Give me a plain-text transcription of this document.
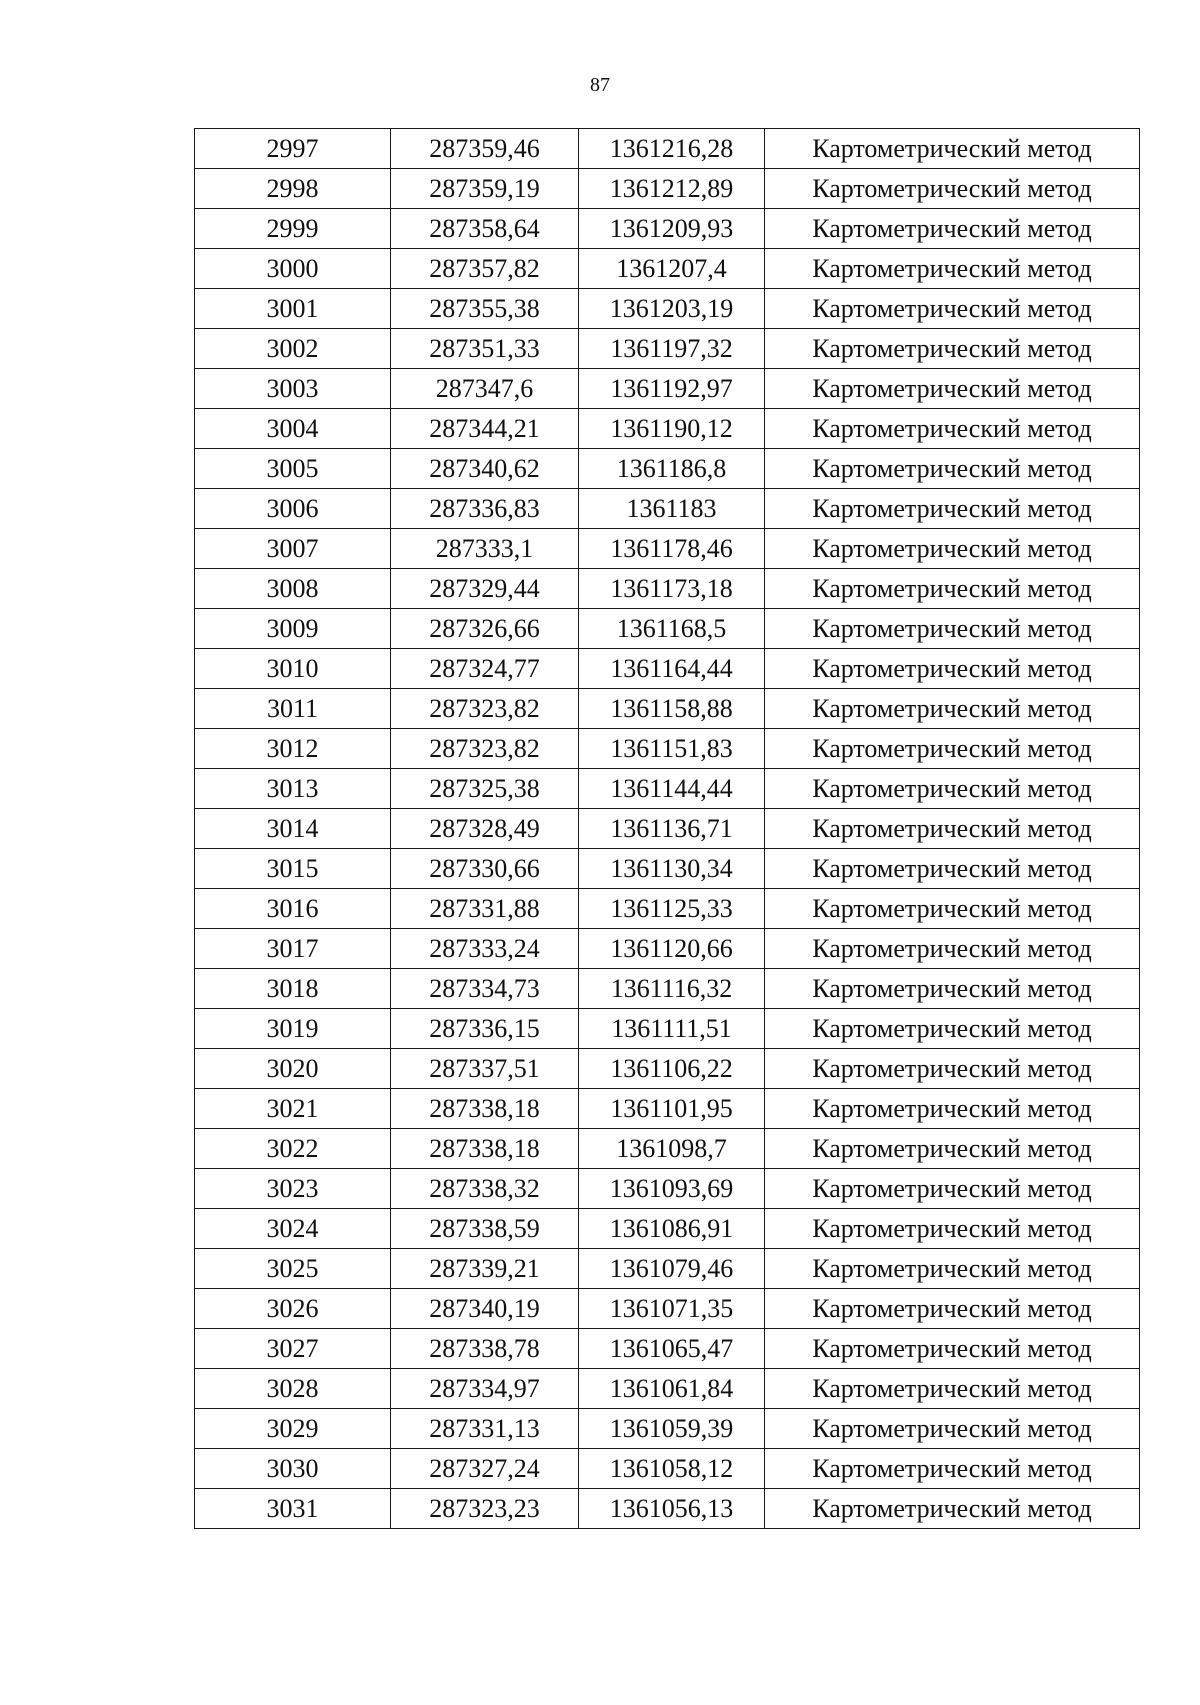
87
2997	287359,46	1361216,28	Картометрический метод
2998	287359,19	1361212,89	Картометрический метод
2999	287358,64	1361209,93	Картометрический метод
3000	287357,82	1361207,4	Картометрический метод
3001	287355,38	1361203,19	Картометрический метод
3002	287351,33	1361197,32	Картометрический метод
3003	287347,6	1361192,97	Картометрический метод
3004	287344,21	1361190,12	Картометрический метод
3005	287340,62	1361186,8	Картометрический метод
3006	287336,83	1361183	Картометрический метод
3007	287333,1	1361178,46	Картометрический метод
3008	287329,44	1361173,18	Картометрический метод
3009	287326,66	1361168,5	Картометрический метод
3010	287324,77	1361164,44	Картометрический метод
3011	287323,82	1361158,88	Картометрический метод
3012	287323,82	1361151,83	Картометрический метод
3013	287325,38	1361144,44	Картометрический метод
3014	287328,49	1361136,71	Картометрический метод
3015	287330,66	1361130,34	Картометрический метод
3016	287331,88	1361125,33	Картометрический метод
3017	287333,24	1361120,66	Картометрический метод
3018	287334,73	1361116,32	Картометрический метод
3019	287336,15	1361111,51	Картометрический метод
3020	287337,51	1361106,22	Картометрический метод
3021	287338,18	1361101,95	Картометрический метод
3022	287338,18	1361098,7	Картометрический метод
3023	287338,32	1361093,69	Картометрический метод
3024	287338,59	1361086,91	Картометрический метод
3025	287339,21	1361079,46	Картометрический метод
3026	287340,19	1361071,35	Картометрический метод
3027	287338,78	1361065,47	Картометрический метод
3028	287334,97	1361061,84	Картометрический метод
3029	287331,13	1361059,39	Картометрический метод
3030	287327,24	1361058,12	Картометрический метод
3031	287323,23	1361056,13	Картометрический метод
